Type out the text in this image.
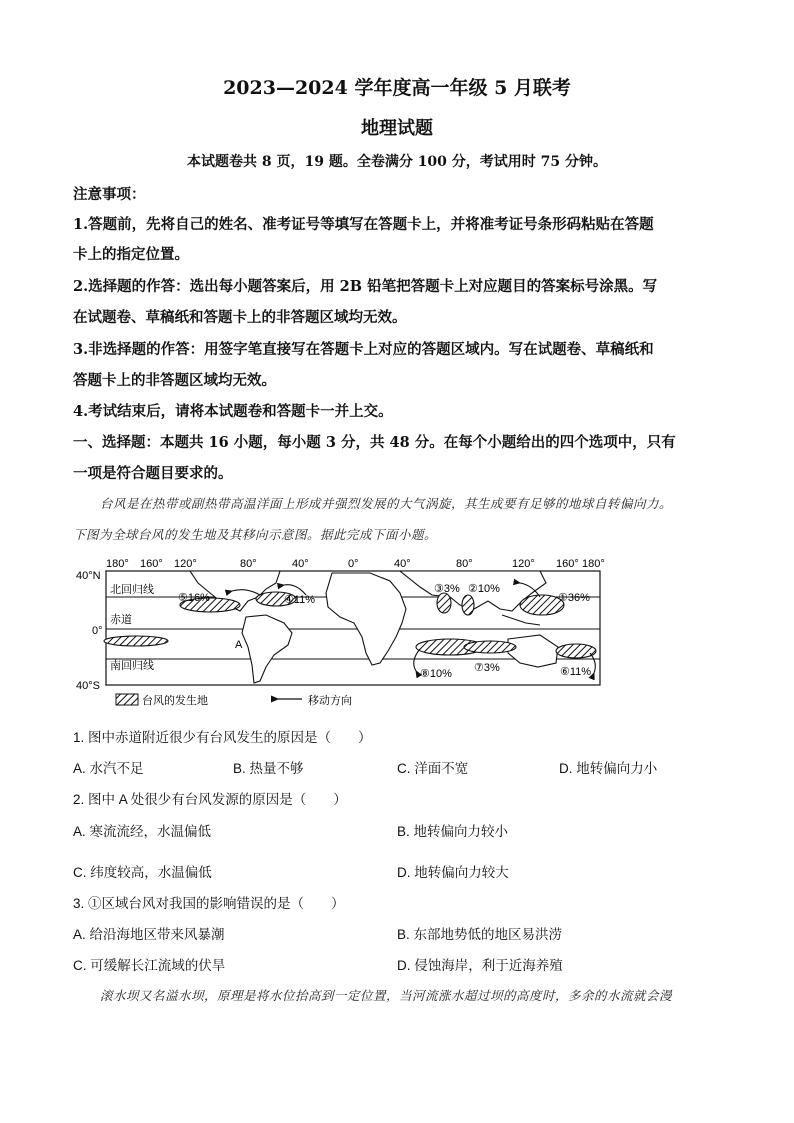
2023—2024 学年度高一年级 5 月联考
地理试题
本试题卷共 8 页，19 题。全卷满分 100 分，考试用时 75 分钟。
注意事项：
1.答题前，先将自己的姓名、准考证号等填写在答题卡上，并将准考证号条形码粘贴在答题
卡上的指定位置。
2.选择题的作答：选出每小题答案后，用 2B 铅笔把答题卡上对应题目的答案标号涂黑。写
在试题卷、草稿纸和答题卡上的非答题区域均无效。
3.非选择题的作答：用签字笔直接写在答题卡上对应的答题区域内。写在试题卷、草稿纸和
答题卡上的非答题区域均无效。
4.考试结束后，请将本试题卷和答题卡一并上交。
一、选择题：本题共 16 小题，每小题 3 分，共 48 分。在每个小题给出的四个选项中，只有
一项是符合题目要求的。
台风是在热带或副热带高温洋面上形成并强烈发展的大气涡旋，其生成要有足够的地球自转偏向力。
下图为全球台风的发生地及其移向示意图。据此完成下面小题。
180° 160° 120°	80°	40°	0°	40°	80°	120° 160° 180°
40°N
0°
40°S
北回归线
赤道
南回归线
⑤16%	④11%
③3% ②10%
①36%
⑧10% ⑦3%	⑥11%
A
台风的发生地	移动方向
1. 图中赤道附近很少有台风发生的原因是（　　）
A. 水汽不足	B. 热量不够	C. 洋面不宽	D. 地转偏向力小
2. 图中 A 处很少有台风发源的原因是（　　）
A. 寒流流经，水温偏低	B. 地转偏向力较小
C. 纬度较高，水温偏低	D. 地转偏向力较大
3. ①区域台风对我国的影响错误的是（　　）
A. 给沿海地区带来风暴潮	B. 东部地势低的地区易洪涝
C. 可缓解长江流域的伏旱	D. 侵蚀海岸，利于近海养殖
滚水坝又名溢水坝，原理是将水位抬高到一定位置，当河流涨水超过坝的高度时，多余的水流就会漫
